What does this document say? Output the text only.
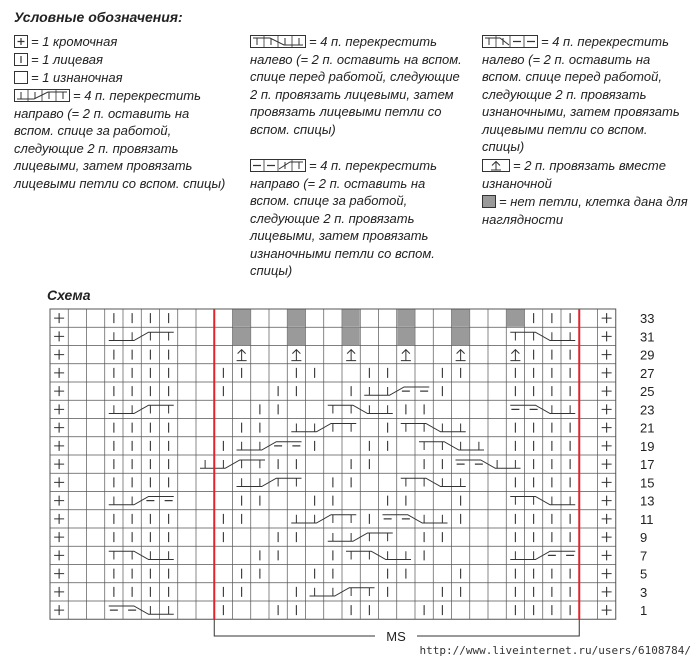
Условные обозначения:
= 1 кромочная
= 1 лицевая
= 1 изнаночная
= 4 п. перекрестить направо (= 2 п. оставить на вспом. спице за работой, следующие 2 п. провязать лицевыми, затем провязать лицевыми петли со вспом. спицы)
= 4 п. перекрестить налево (= 2 п. оставить на вспом. спице перед работой, следующие 2 п. провязать лицевыми, затем провязать лицевыми петли со вспом. спицы)
= 4 п. перекрестить направо (= 2 п. оставить на вспом. спице за работой, следующие 2 п. провязать лицевыми, затем провязать изнаночными петли со вспом. спицы)
= 4 п. перекрестить налево (= 2 п. оставить на вспом. спице перед работой, следующие 2 п. провязать изнаночными, затем провязать лицевыми петли со вспом. спицы)
= 2 п. провязать вместе изнаночной
= нет петли, клетка дана для наглядности
Схема
33
31
29
27
25
23
21
19
17
15
13
11
9
7
5
3
1
MS
http://www.liveinternet.ru/users/6108784/
